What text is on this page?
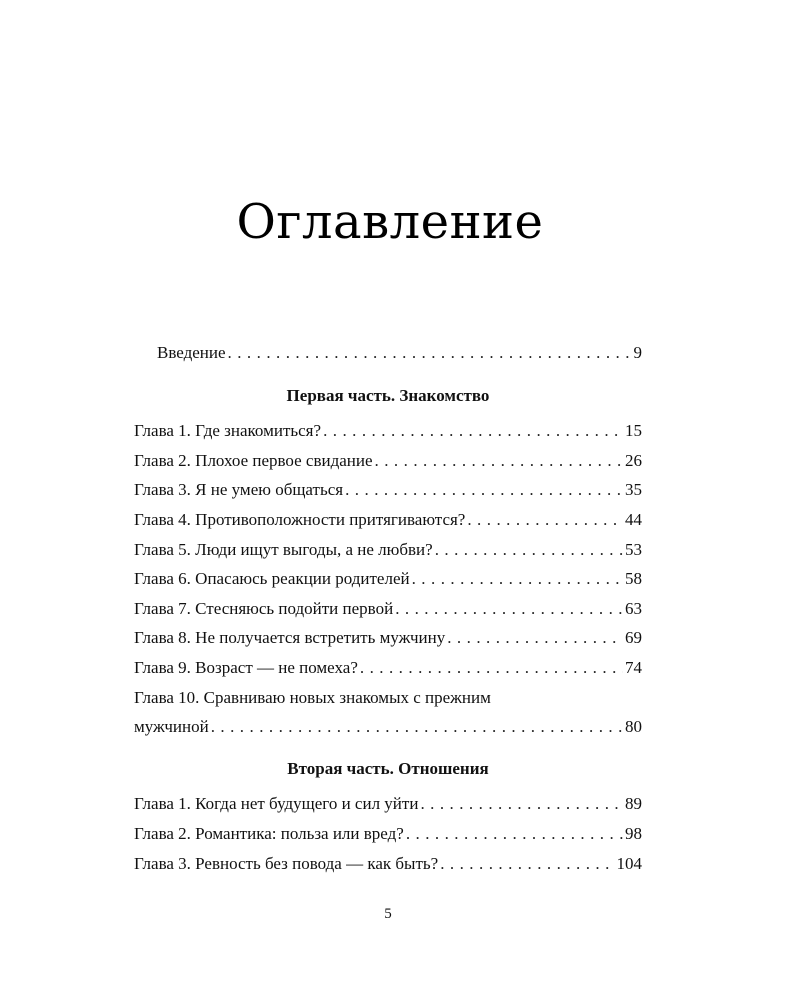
Оглавление
Введение . . .	9
Первая часть. Знакомство
Глава 1. Где знакомиться? . . .	15
Глава 2. Плохое первое свидание . . .	26
Глава 3. Я не умею общаться . . .	35
Глава 4. Противоположности притягиваются? . . .	44
Глава 5. Люди ищут выгоды, а не любви? . . .	53
Глава 6. Опасаюсь реакции родителей . . .	58
Глава 7. Стесняюсь подойти первой . . .	63
Глава 8. Не получается встретить мужчину . . .	69
Глава 9. Возраст — не помеха? . . .	74
Глава 10. Сравниваю новых знакомых с прежним
мужчиной . . .	80
Вторая часть. Отношения
Глава 1. Когда нет будущего и сил уйти . . .	89
Глава 2. Романтика: польза или вред? . . .	98
Глава 3. Ревность без повода — как быть? . . .	104
5
